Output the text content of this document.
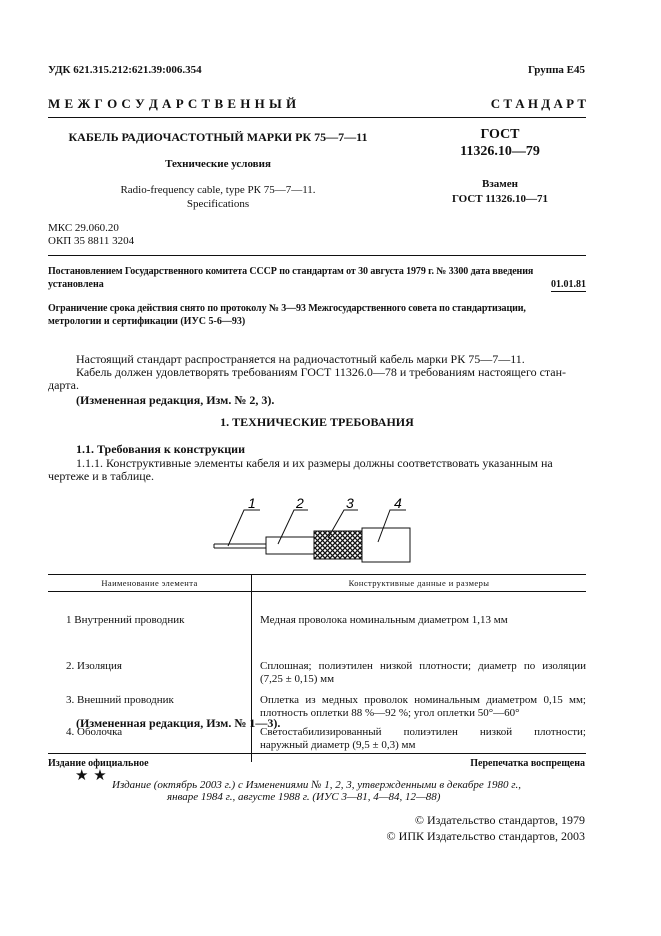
УДК 621.315.212:621.39:006.354	Группа Е45
М Е Ж Г О С У Д А Р С Т В Е Н Н Ы Й	С Т А Н Д А Р Т
КАБЕЛЬ РАДИОЧАСТОТНЫЙ МАРКИ РК 75—7—11
Технические условия
Radio-frequency cable, type РК 75—7—11.
Specifications
ГОСТ
11326.10—79
Взамен
ГОСТ 11326.10—71
МКС 29.060.20
ОКП 35 8811 3204
Постановлением Государственного комитета СССР по стандартам от 30 августа 1979 г. № 3300 дата введения
установлена	01.01.81
Ограничение срока действия снято по протоколу № 3—93 Межгосударственного совета по стандартизации,
метрологии и сертификации (ИУС 5-6—93)
Настоящий стандарт распространяется на радиочастотный кабель марки РК 75—7—11.
Кабель должен удовлетворять требованиям ГОСТ 11326.0—78 и требованиям настоящего стан-
дарта.
(Измененная редакция, Изм. № 2, 3).
1. ТЕХНИЧЕСКИЕ ТРЕБОВАНИЯ
1.1. Требования к конструкции
1.1.1. Конструктивные элементы кабеля и их размеры должны соответствовать указанным на
чертеже и в таблице.
1	2	3	4
Наименование элемента	Конструктивные данные и размеры
1 Внутренний проводник	Медная проволока номинальным диаметром 1,13 мм

2. Изоляция	Сплошная; полиэтилен низкой плотности; диаметр по изоляции
(7,25 ± 0,15) мм

3. Внешний проводник	Оплетка из медных проволок номинальным диаметром 0,15 мм;
плотность оплетки 88 %—92 %; угол оплетки 50°—60°

4. Оболочка	Светостабилизированный полиэтилен низкой плотности;
наружный диаметр (9,5 ± 0,3) мм
(Измененная редакция, Изм. № 1—3).
Издание официальное	Перепечатка воспрещена
★ ★
Издание (октябрь 2003 г.) с Изменениями № 1, 2, 3, утвержденными в декабре 1980 г.,
январе 1984 г., августе 1988 г. (ИУС 3—81, 4—84, 12—88)
© Издательство стандартов, 1979
© ИПК Издательство стандартов, 2003
